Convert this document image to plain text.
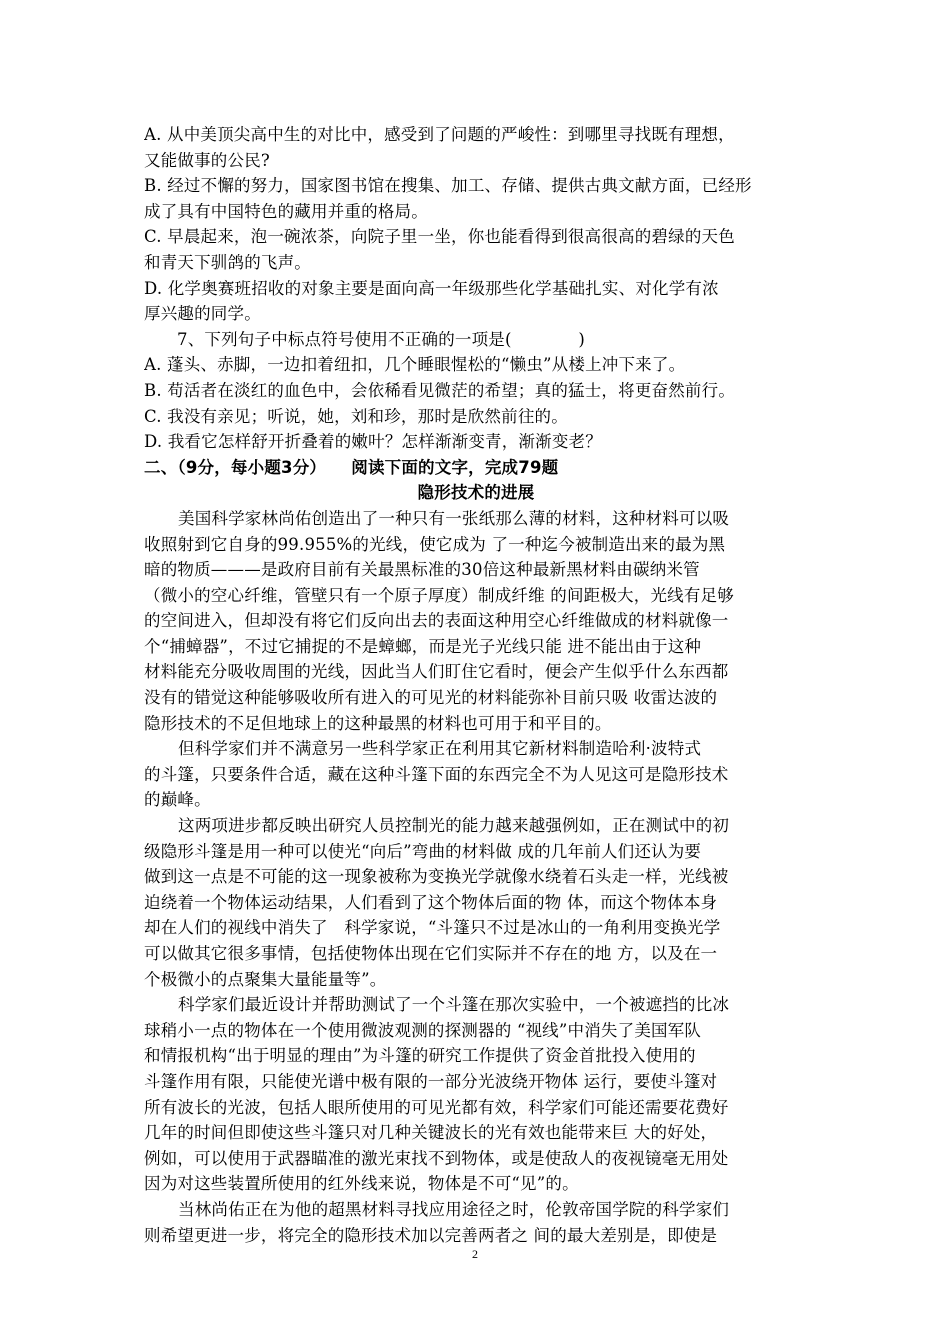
A. 从中美顶尖高中生的对比中，感受到了问题的严峻性：到哪里寻找既有理想，
又能做事的公民?
B. 经过不懈的努力，国家图书馆在搜集、加工、存储、提供古典文献方面，已经形
成了具有中国特色的藏用并重的格局。
C. 早晨起来，泡一碗浓茶，向院子里一坐，你也能看得到很高很高的碧绿的天色
和青天下驯鸽的飞声。
D. 化学奥赛班招收的对象主要是面向高一年级那些化学基础扎实、对化学有浓
厚兴趣的同学。
7、下列句子中标点符号使用不正确的一项是(　　　　)
A. 蓬头、赤脚，一边扣着纽扣，几个睡眼惺松的“懒虫”从楼上冲下来了。
B. 苟活者在淡红的血色中，会依稀看见微茫的希望；真的猛士，将更奋然前行。
C. 我没有亲见；听说，她，刘和珍，那时是欣然前往的。
D. 我看它怎样舒开折叠着的嫩叶？怎样渐渐变青，渐渐变老？
二、（9分，每小题3分）　　阅读下面的文字，完成79题
隐形技术的进展
美国科学家林尚佑创造出了一种只有一张纸那么薄的材料，这种材料可以吸
收照射到它自身的99.955%的光线，使它成为 了一种迄今被制造出来的最为黑
暗的物质———是政府目前有关最黑标准的30倍这种最新黑材料由碳纳米管
（微小的空心纤维，管壁只有一个原子厚度）制成纤维 的间距极大，光线有足够
的空间进入，但却没有将它们反向出去的表面这种用空心纤维做成的材料就像一
个“捕蟑器”，不过它捕捉的不是蟑螂，而是光子光线只能 进不能出由于这种
材料能充分吸收周围的光线，因此当人们盯住它看时，便会产生似乎什么东西都
没有的错觉这种能够吸收所有进入的可见光的材料能弥补目前只吸 收雷达波的
隐形技术的不足但地球上的这种最黑的材料也可用于和平目的。
但科学家们并不满意另一些科学家正在利用其它新材料制造哈利·波特式
的斗篷，只要条件合适，藏在这种斗篷下面的东西完全不为人见这可是隐形技术
的巅峰。
这两项进步都反映出研究人员控制光的能力越来越强例如，正在测试中的初
级隐形斗篷是用一种可以使光“向后”弯曲的材料做 成的几年前人们还认为要
做到这一点是不可能的这一现象被称为变换光学就像水绕着石头走一样，光线被
迫绕着一个物体运动结果，人们看到了这个物体后面的物 体，而这个物体本身
却在人们的视线中消失了　科学家说，“斗篷只不过是冰山的一角利用变换光学
可以做其它很多事情，包括使物体出现在它们实际并不存在的地 方，以及在一
个极微小的点聚集大量能量等”。
科学家们最近设计并帮助测试了一个斗篷在那次实验中，一个被遮挡的比冰
球稍小一点的物体在一个使用微波观测的探测器的 “视线”中消失了美国军队
和情报机构“出于明显的理由”为斗篷的研究工作提供了资金首批投入使用的
斗篷作用有限，只能使光谱中极有限的一部分光波绕开物体 运行，要使斗篷对
所有波长的光波，包括人眼所使用的可见光都有效，科学家们可能还需要花费好
几年的时间但即使这些斗篷只对几种关键波长的光有效也能带来巨 大的好处，
例如，可以使用于武器瞄准的激光束找不到物体，或是使敌人的夜视镜毫无用处
因为对这些装置所使用的红外线来说，物体是不可“见”的。
当林尚佑正在为他的超黑材料寻找应用途径之时，伦敦帝国学院的科学家们
则希望更进一步，将完全的隐形技术加以完善两者之 间的最大差别是，即使是
2
